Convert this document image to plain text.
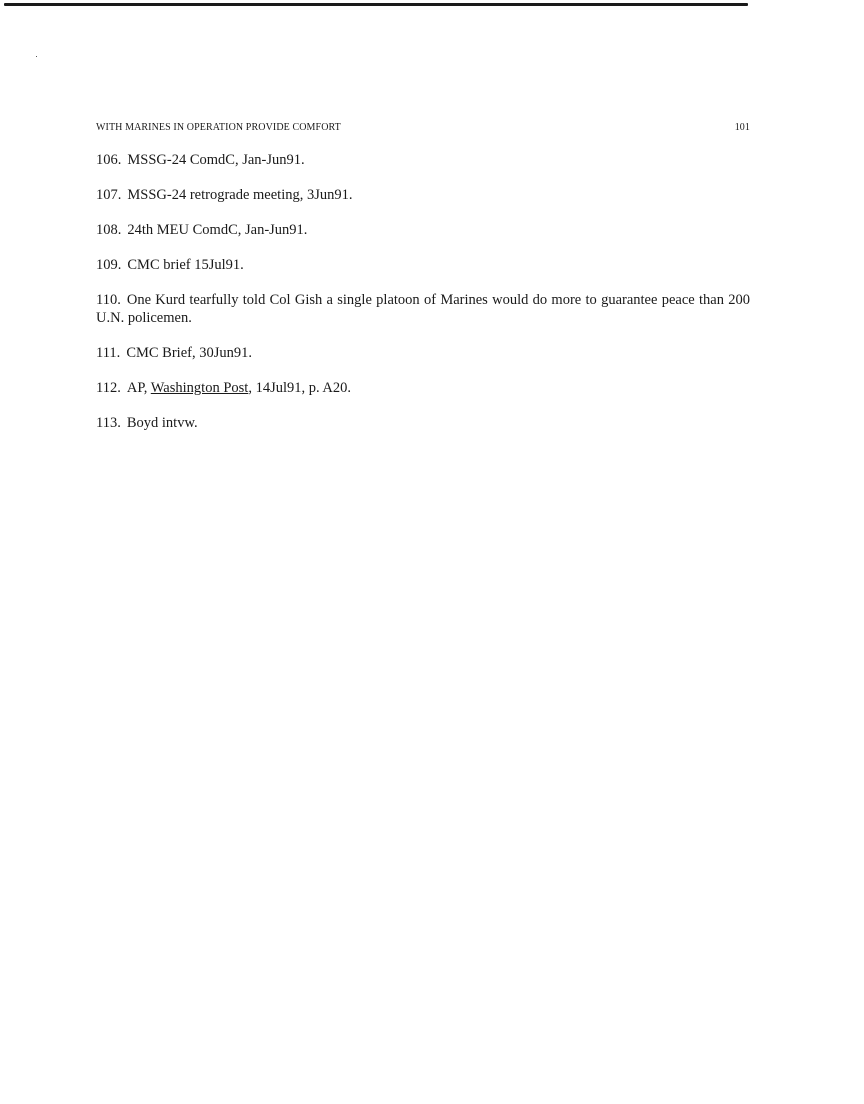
WITH MARINES IN OPERATION PROVIDE COMFORT	101

106. MSSG-24 ComdC, Jan-Jun91.

107. MSSG-24 retrograde meeting, 3Jun91.

108. 24th MEU ComdC, Jan-Jun91.

109. CMC brief 15Jul91.

110. One Kurd tearfully told Col Gish a single platoon of Marines would do more to guarantee peace than 200 U.N. policemen.

111. CMC Brief, 30Jun91.

112. AP, Washington Post, 14Jul91, p. A20.

113. Boyd intvw.
